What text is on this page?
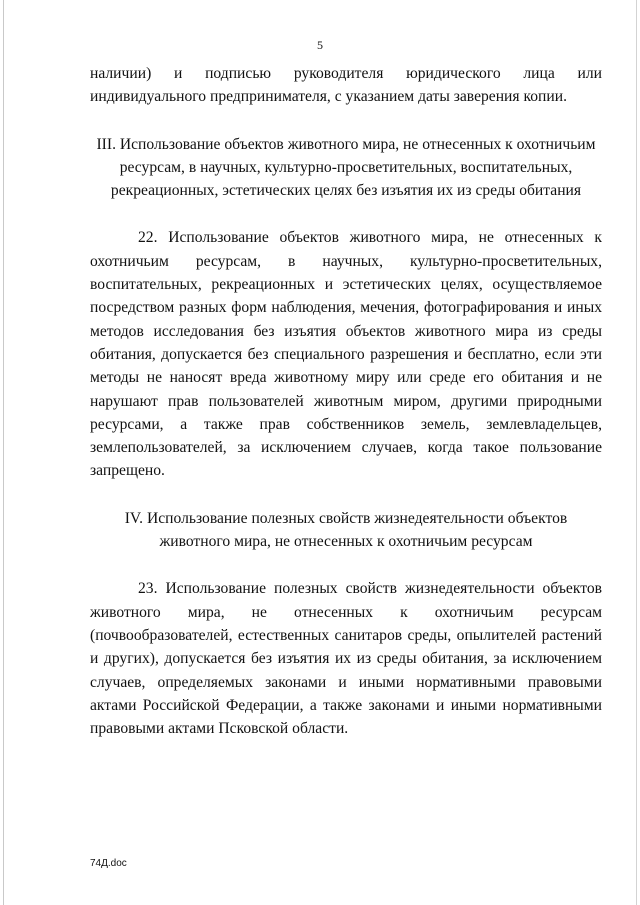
5

наличии) и подписью руководителя юридического лица или индивидуального предпринимателя, с указанием даты заверения копии.

III. Использование объектов животного мира, не отнесенных к охотничьим ресурсам, в научных, культурно-просветительных, воспитательных, рекреационных, эстетических целях без изъятия их из среды обитания

22. Использование объектов животного мира, не отнесенных к охотничьим ресурсам, в научных, культурно-просветительных, воспитательных, рекреационных и эстетических целях, осуществляемое посредством разных форм наблюдения, мечения, фотографирования и иных методов исследования без изъятия объектов животного мира из среды обитания, допускается без специального разрешения и бесплатно, если эти методы не наносят вреда животному миру или среде его обитания и не нарушают прав пользователей животным миром, другими природными ресурсами, а также прав собственников земель, землевладельцев, землепользователей, за исключением случаев, когда такое пользование запрещено.

IV. Использование полезных свойств жизнедеятельности объектов животного мира, не отнесенных к охотничьим ресурсам

23. Использование полезных свойств жизнедеятельности объектов животного мира, не отнесенных к охотничьим ресурсам (почвообразователей, естественных санитаров среды, опылителей растений и других), допускается без изъятия их из среды обитания, за исключением случаев, определяемых законами и иными нормативными правовыми актами Российской Федерации, а также законами и иными нормативными правовыми актами Псковской области.

74Д.doc
